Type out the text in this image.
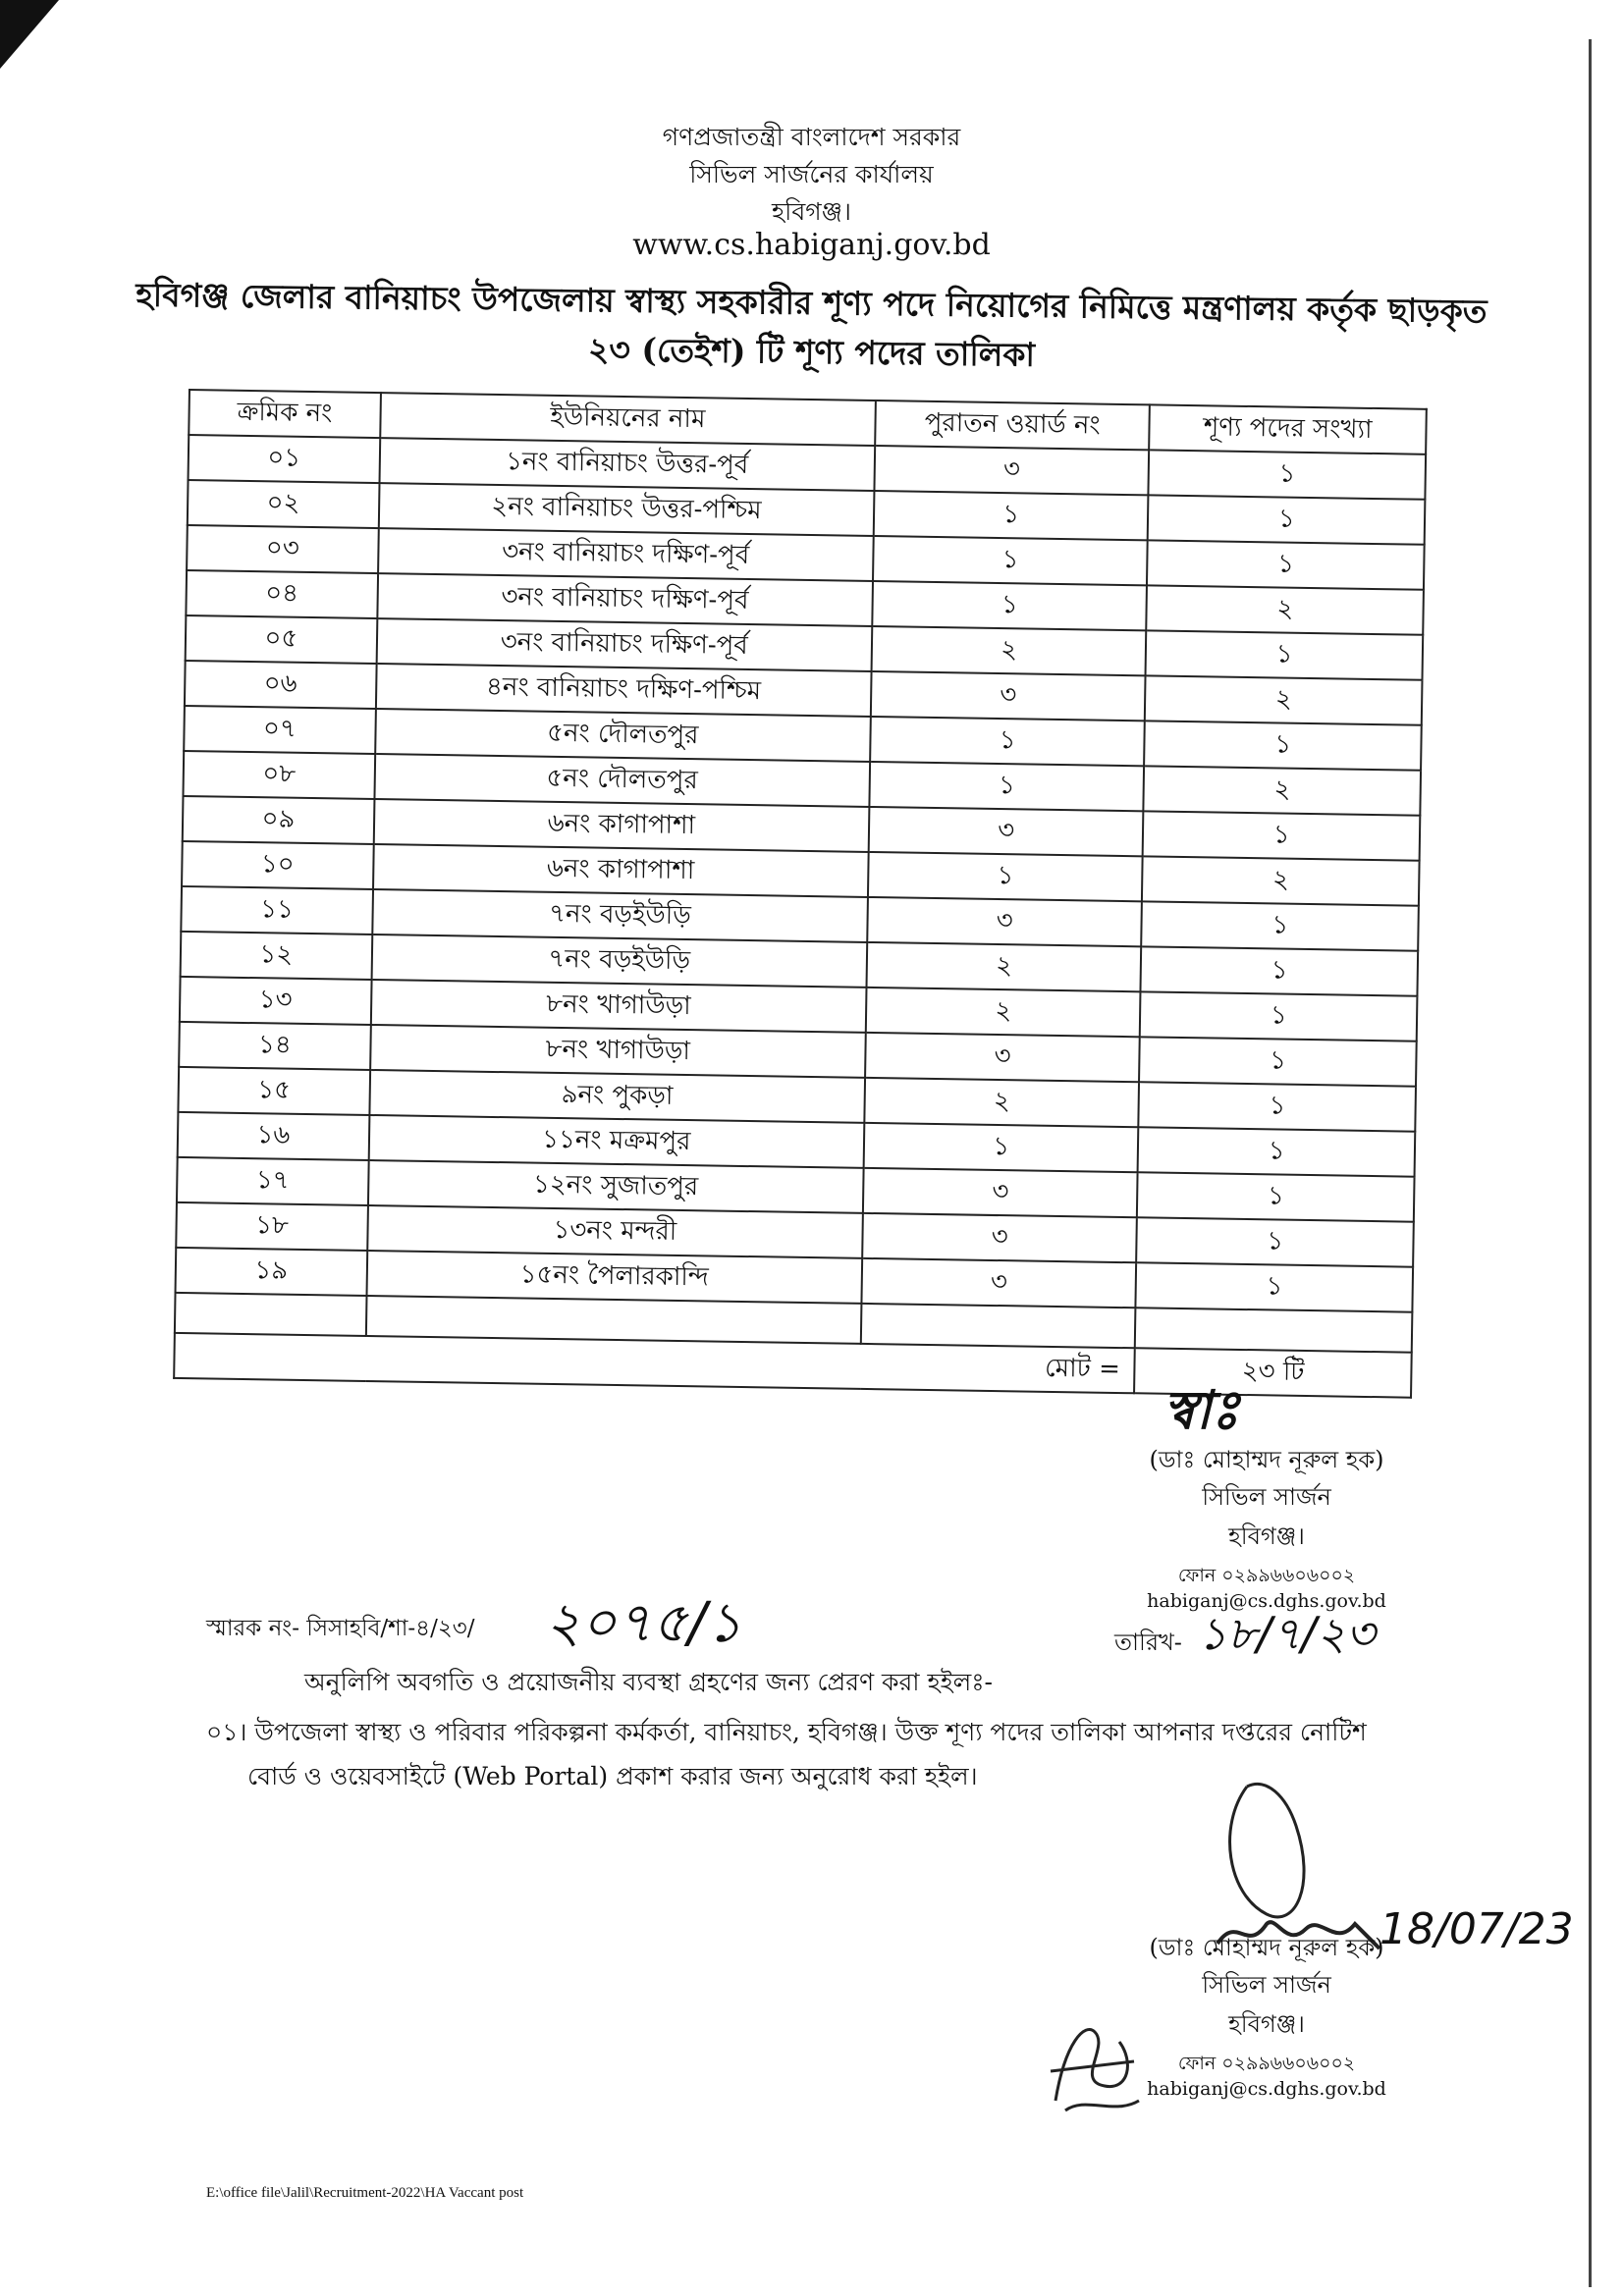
গণপ্রজাতন্ত্রী বাংলাদেশ সরকার
সিভিল সার্জনের কার্যালয়
হবিগঞ্জ।
www.cs.habiganj.gov.bd
হবিগঞ্জ জেলার বানিয়াচং উপজেলায় স্বাস্থ্য সহকারীর শূণ্য পদে নিয়োগের নিমিত্তে মন্ত্রণালয় কর্তৃক ছাড়কৃত
২৩ (তেইশ) টি শূণ্য পদের তালিকা
ক্রমিক নং	ইউনিয়নের নাম	পুরাতন ওয়ার্ড নং	শূণ্য পদের সংখ্যা
০১	১নং বানিয়াচং উত্তর-পূর্ব	৩	১
০২	২নং বানিয়াচং উত্তর-পশ্চিম	১	১
০৩	৩নং বানিয়াচং দক্ষিণ-পূর্ব	১	১
০৪	৩নং বানিয়াচং দক্ষিণ-পূর্ব	১	২
০৫	৩নং বানিয়াচং দক্ষিণ-পূর্ব	২	১
০৬	৪নং বানিয়াচং দক্ষিণ-পশ্চিম	৩	২
০৭	৫নং দৌলতপুর	১	১
০৮	৫নং দৌলতপুর	১	২
০৯	৬নং কাগাপাশা	৩	১
১০	৬নং কাগাপাশা	১	২
১১	৭নং বড়ইউড়ি	৩	১
১২	৭নং বড়ইউড়ি	২	১
১৩	৮নং খাগাউড়া	২	১
১৪	৮নং খাগাউড়া	৩	১
১৫	৯নং পুকড়া	২	১
১৬	১১নং মক্রমপুর	১	১
১৭	১২নং সুজাতপুর	৩	১
১৮	১৩নং মন্দরী	৩	১
১৯	১৫নং পৈলারকান্দি	৩	১

মোট =			২৩ টি
স্বাঃ
(ডাঃ মোহাম্মদ নূরুল হক)
সিভিল সার্জন
হবিগঞ্জ।
ফোন ০২৯৯৬৬০৬০০২
habiganj@cs.dghs.gov.bd
স্মারক নং- সিসাহবি/শা-৪/২৩/ ২০৭৫/১	তারিখ- ১৮/৭/২৩
অনুলিপি অবগতি ও প্রয়োজনীয় ব্যবস্থা গ্রহণের জন্য প্রেরণ করা হইলঃ-
০১। উপজেলা স্বাস্থ্য ও পরিবার পরিকল্পনা কর্মকর্তা, বানিয়াচং, হবিগঞ্জ। উক্ত শূণ্য পদের তালিকা আপনার দপ্তরের নোটিশ
বোর্ড ও ওয়েবসাইটে (Web Portal) প্রকাশ করার জন্য অনুরোধ করা হইল।
18/07/23
(ডাঃ মোহাম্মদ নূরুল হক)
সিভিল সার্জন
হবিগঞ্জ।
ফোন ০২৯৯৬৬০৬০০২
habiganj@cs.dghs.gov.bd
E:\office file\Jalil\Recruitment-2022\HA Vaccant post
